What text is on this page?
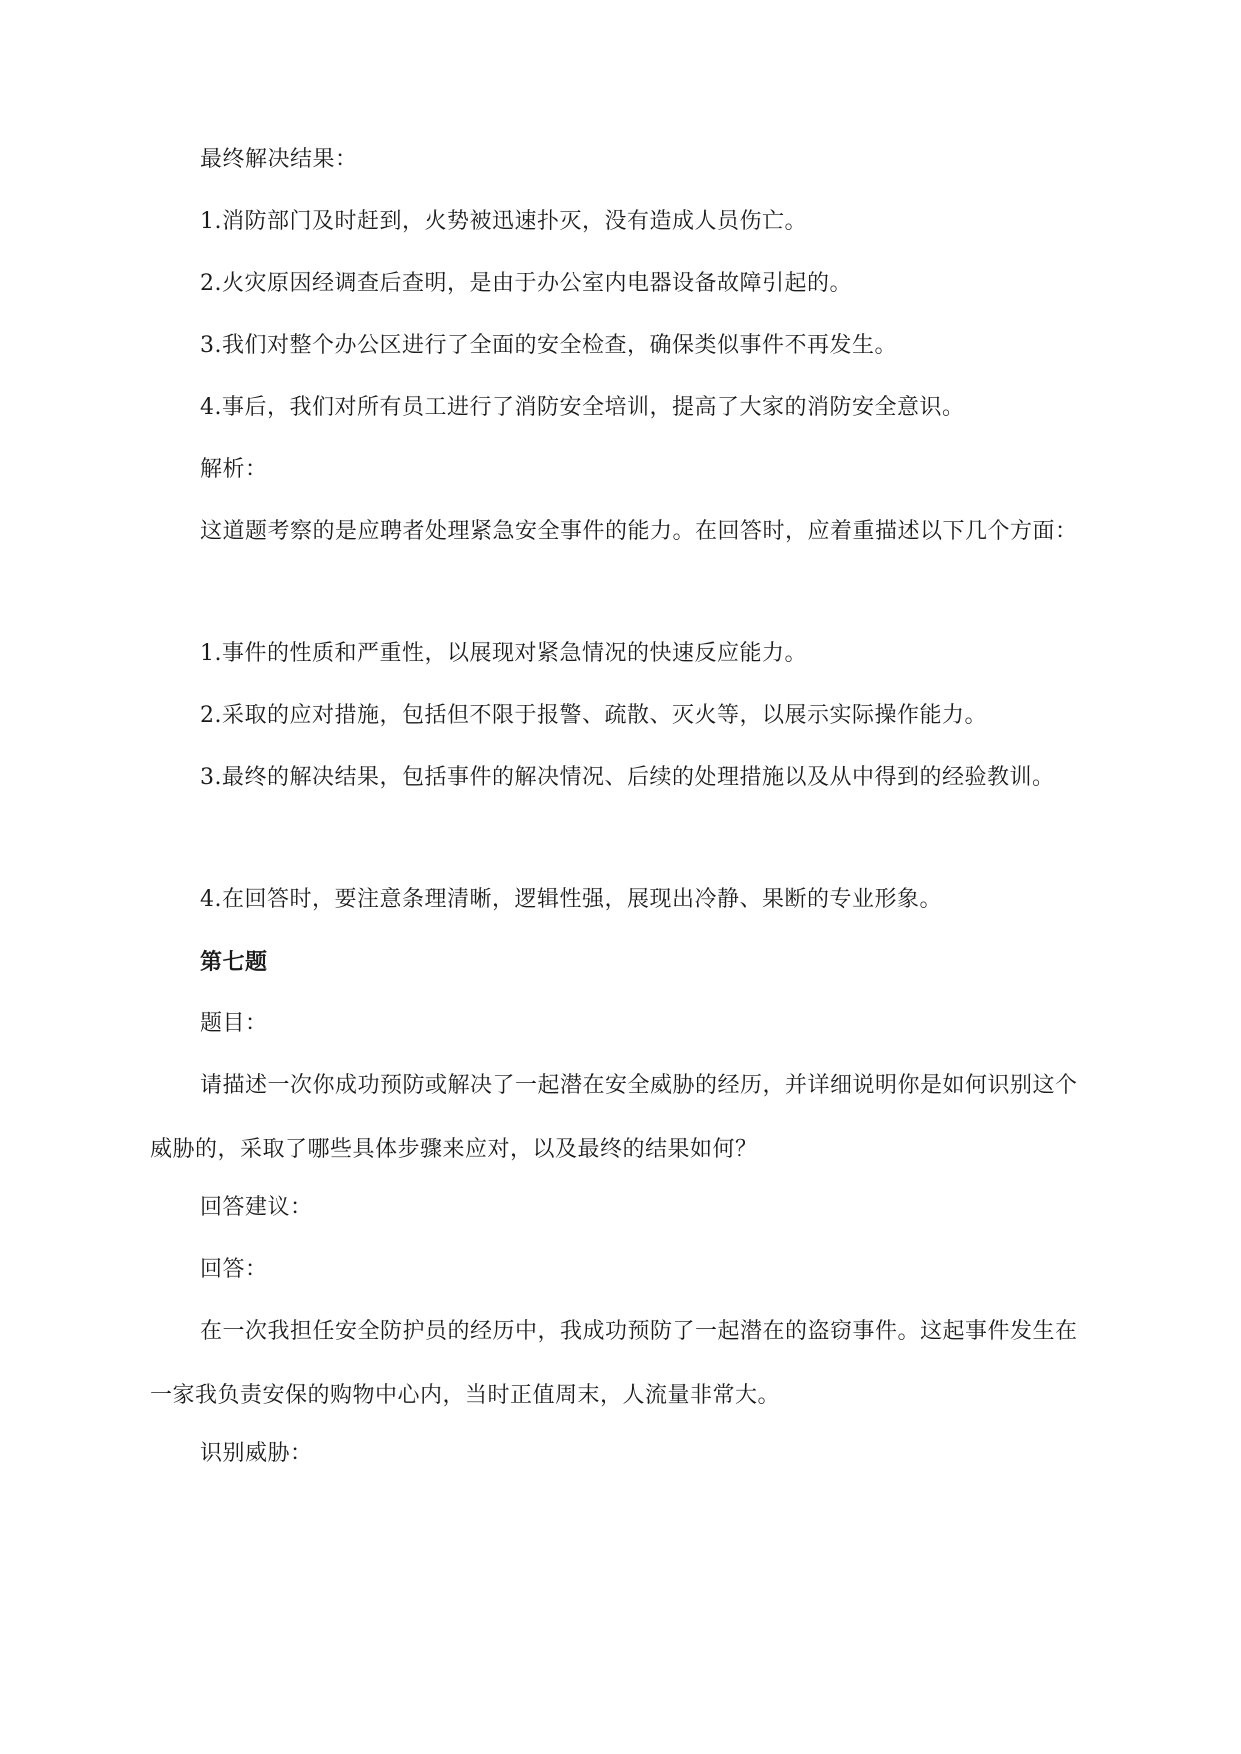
最终解决结果：

1.消防部门及时赶到，火势被迅速扑灭，没有造成人员伤亡。

2.火灾原因经调查后查明，是由于办公室内电器设备故障引起的。

3.我们对整个办公区进行了全面的安全检查，确保类似事件不再发生。

4.事后，我们对所有员工进行了消防安全培训，提高了大家的消防安全意识。

解析：

这道题考察的是应聘者处理紧急安全事件的能力。在回答时，应着重描述以下几个方面：

1.事件的性质和严重性，以展现对紧急情况的快速反应能力。

2.采取的应对措施，包括但不限于报警、疏散、灭火等，以展示实际操作能力。

3.最终的解决结果，包括事件的解决情况、后续的处理措施以及从中得到的经验教训。

4.在回答时，要注意条理清晰，逻辑性强，展现出冷静、果断的专业形象。

第七题

题目：

请描述一次你成功预防或解决了一起潜在安全威胁的经历，并详细说明你是如何识别这个威胁的，采取了哪些具体步骤来应对，以及最终的结果如何？

回答建议：

回答：

在一次我担任安全防护员的经历中，我成功预防了一起潜在的盗窃事件。这起事件发生在一家我负责安保的购物中心内，当时正值周末，人流量非常大。

识别威胁：
